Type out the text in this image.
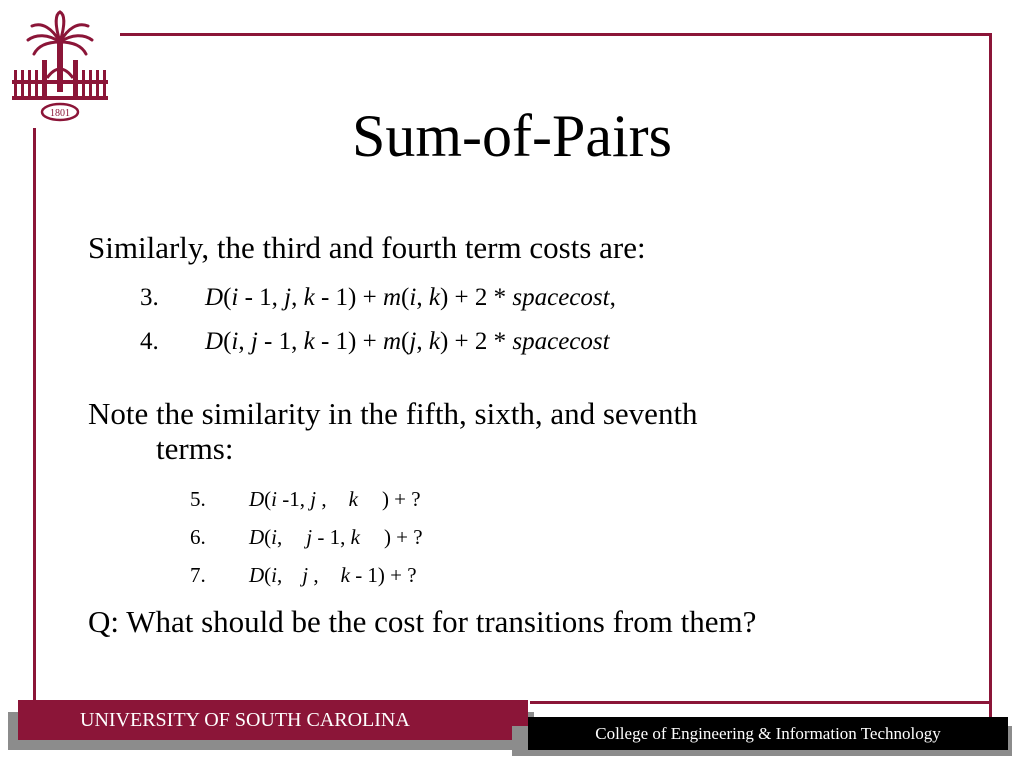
1801	Sum-of-Pairs
Similarly, the third and fourth term costs are:
3. D(i - 1, j, k - 1) + m(i, k) + 2 * spacecost,
4. D(i, j - 1, k - 1) + m(j, k) + 2 * spacecost
Note the similarity in the fifth, sixth, and seventh
terms:
5. D(i -1, j , k ) + ?
6. D(i, j - 1, k ) + ?
7. D(i, j , k - 1) + ?
Q: What should be the cost for transitions from them?
UNIVERSITY OF SOUTH CAROLINA
College of Engineering & Information Technology
